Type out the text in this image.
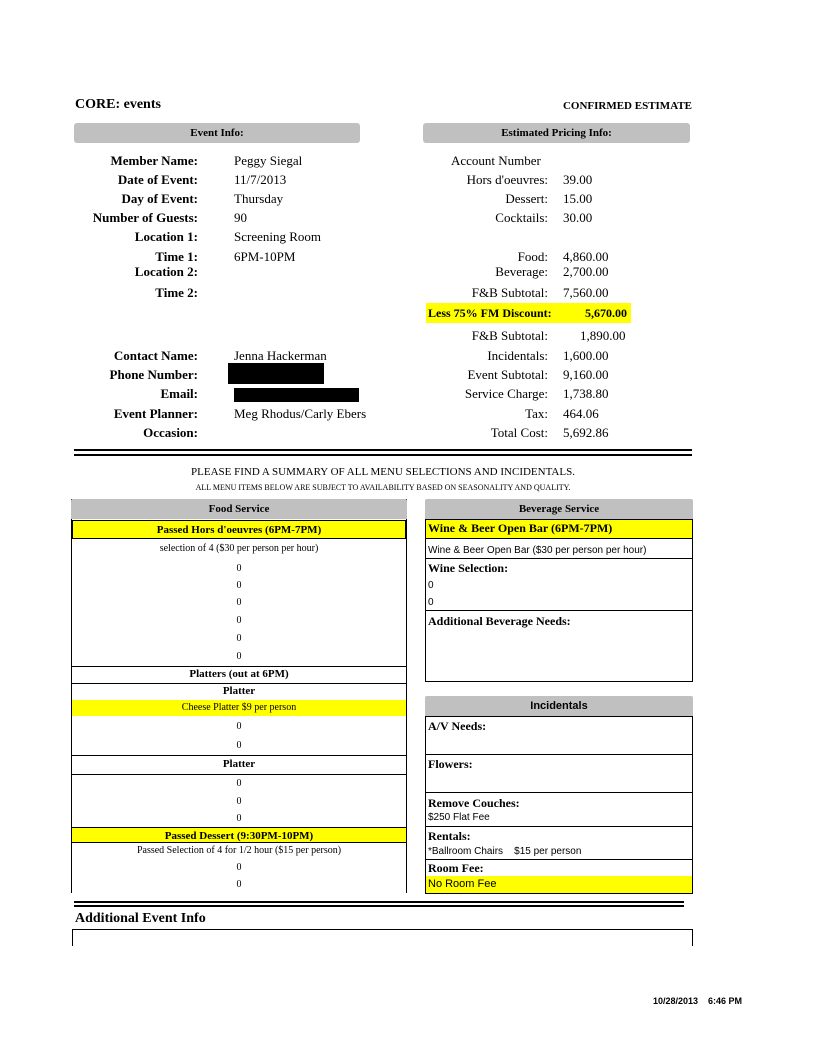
CORE: events	CONFIRMED ESTIMATE
Event Info:	Estimated Pricing Info:
Member Name:	Peggy Siegal
Date of Event:	11/7/2013
Day of Event:	Thursday
Number of Guests:	90
Location 1:	Screening Room
Time 1:	6PM-10PM
Location 2:
Time 2:
Contact Name:	Jenna Hackerman
Phone Number:
Email:
Event Planner:	Meg Rhodus/Carly Ebers
Occasion:
Account Number
Hors d'oeuvres: 39.00
Dessert: 15.00
Cocktails: 30.00
Food: 4,860.00
Beverage: 2,700.00
F&B Subtotal: 7,560.00
Less 75% FM Discount:	5,670.00
F&B Subtotal: 1,890.00
Incidentals: 1,600.00
Event Subtotal: 9,160.00
Service Charge: 1,738.80
Tax: 464.06
Total Cost: 5,692.86
PLEASE FIND A SUMMARY OF ALL MENU SELECTIONS AND INCIDENTALS.
ALL MENU ITEMS BELOW ARE SUBJECT TO AVAILABILITY BASED ON SEASONALITY AND QUALITY.
Food Service
Passed Hors d'oeuvres (6PM-7PM)
selection of 4 ($30 per person per hour)
0
0
0
0
0
0
Platters (out at 6PM)
Platter
Cheese Platter $9 per person
0
0
Platter
0
0
0
Passed Dessert (9:30PM-10PM)
Passed Selection of 4 for 1/2 hour ($15 per person)
0
0
Beverage Service
Wine & Beer Open Bar (6PM-7PM)
Wine & Beer Open Bar ($30 per person per hour)
Wine Selection:
0
0
Additional Beverage Needs:
Incidentals
A/V Needs:
Flowers:
Remove Couches:
$250 Flat Fee
Rentals:
*Ballroom Chairs    $15 per person
Room Fee:
No Room Fee
Additional Event Info
10/28/2013    6:46 PM
